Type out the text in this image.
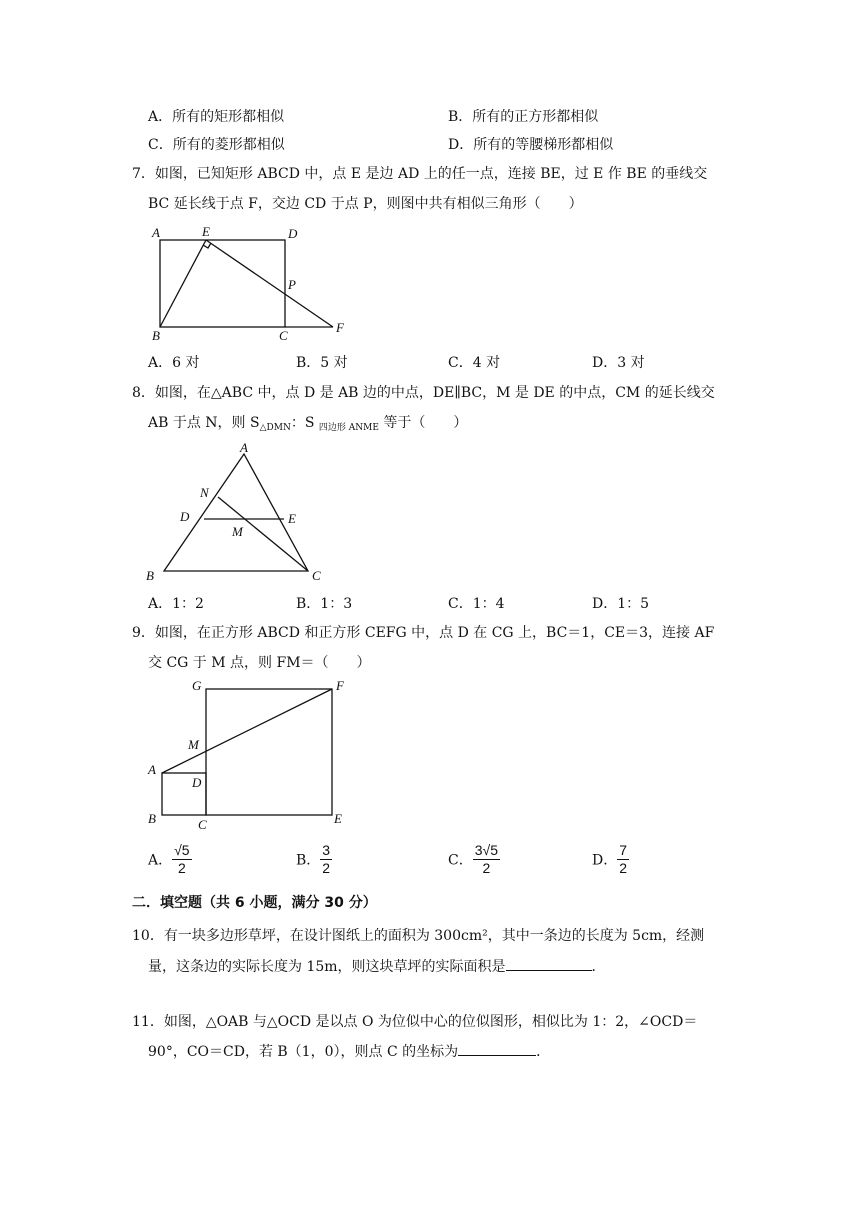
A．所有的矩形都相似	B．所有的正方形都相似
C．所有的菱形都相似	D．所有的等腰梯形都相似
7．如图，已知矩形 ABCD 中，点 E 是边 AD 上的任一点，连接 BE，过 E 作 BE 的垂线交
BC 延长线于点 F，交边 CD 于点 P，则图中共有相似三角形（　　）
A	E	D
P
B	C
F
A．6 对	B．5 对	C．4 对	D．3 对
8．如图，在△ABC 中，点 D 是 AB 边的中点，DE∥BC，M 是 DE 的中点，CM 的延长线交
AB 于点 N，则 $S_{\triangle DMN}$：S $_{四边形 ANME}$ 等于（　　）
A
N
D	E
M
B	C
A．1：2	B．1：3	C．1：4	D．1：5
9．如图，在正方形 ABCD 和正方形 CEFG 中，点 D 在 CG 上，BC＝1，CE＝3，连接 AF
交 CG 于 M 点，则 FM＝（　　）
G	F
M
A
D
B	C	E
A． $\frac{√5}{2}$	B． $\frac{3}{2}$	C． $\frac{3√5}{2}$	D． $\frac{7}{2}$
二．填空题（共 6 小题，满分 30 分）
10．有一块多边形草坪，在设计图纸上的面积为 300cm²，其中一条边的长度为 5cm，经测
量，这条边的实际长度为 15m，则这块草坪的实际面积是	．
11．如图，△OAB 与△OCD 是以点 O 为位似中心的位似图形，相似比为 1：2，∠OCD＝
90°，CO＝CD，若 B（1，0），则点 C 的坐标为	．
